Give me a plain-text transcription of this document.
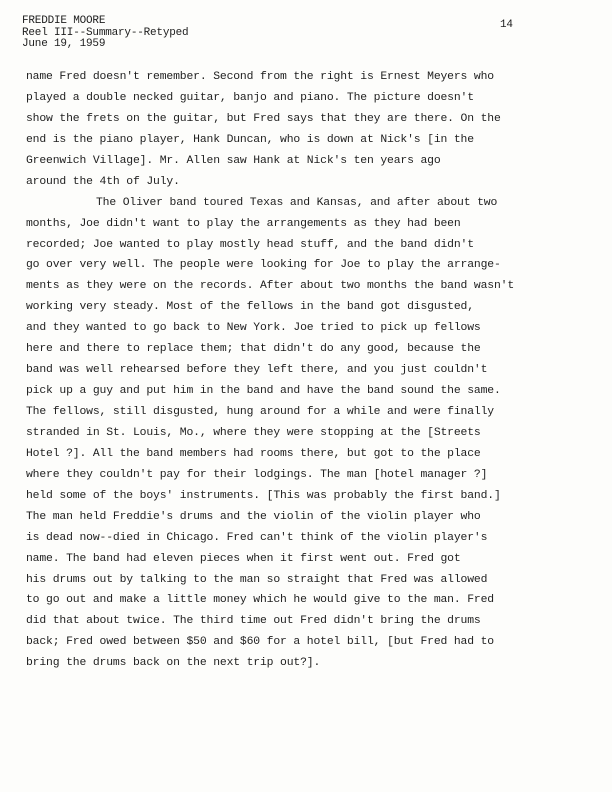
FREDDIE MOORE
Reel III--Summary--Retyped
June 19, 1959
14
name Fred doesn't remember. Second from the right is Ernest Meyers who
played a double necked guitar, banjo and piano. The picture doesn't
show the frets on the guitar, but Fred says that they are there. On the
end is the piano player, Hank Duncan, who is down at Nick's [in the
Greenwich Village]. Mr. Allen saw Hank at Nick's ten years ago
around the 4th of July.
The Oliver band toured Texas and Kansas, and after about two
months, Joe didn't want to play the arrangements as they had been
recorded; Joe wanted to play mostly head stuff, and the band didn't
go over very well. The people were looking for Joe to play the arrange-
ments as they were on the records. After about two months the band wasn't
working very steady. Most of the fellows in the band got disgusted,
and they wanted to go back to New York. Joe tried to pick up fellows
here and there to replace them; that didn't do any good, because the
band was well rehearsed before they left there, and you just couldn't
pick up a guy and put him in the band and have the band sound the same.
The fellows, still disgusted, hung around for a while and were finally
stranded in St. Louis, Mo., where they were stopping at the [Streets
Hotel ?]. All the band members had rooms there, but got to the place
where they couldn't pay for their lodgings. The man [hotel manager ?]
held some of the boys' instruments. [This was probably the first band.]
The man held Freddie's drums and the violin of the violin player who
is dead now--died in Chicago. Fred can't think of the violin player's
name. The band had eleven pieces when it first went out. Fred got
his drums out by talking to the man so straight that Fred was allowed
to go out and make a little money which he would give to the man. Fred
did that about twice. The third time out Fred didn't bring the drums
back; Fred owed between $50 and $60 for a hotel bill, [but Fred had to
bring the drums back on the next trip out?].
